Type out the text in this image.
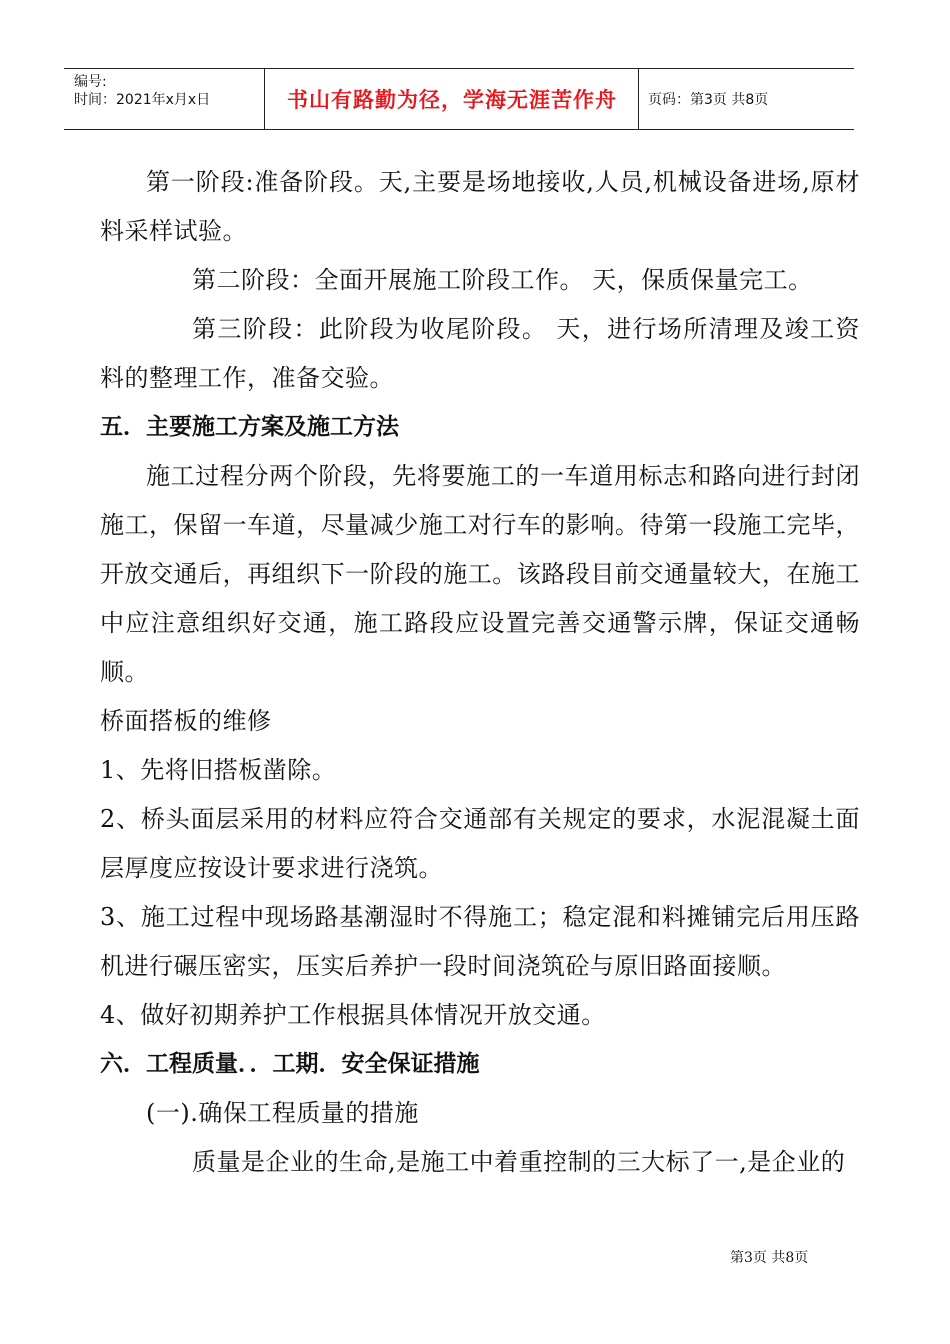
编号:
时间：2021年x月x日	书山有路勤为径，学海无涯苦作舟	页码：第3页 共8页

第一阶段:准备阶段。天,主要是场地接收,人员,机械设备进场,原材料采样试验。

第二阶段：全面开展施工阶段工作。 天，保质保量完工。

第三阶段：此阶段为收尾阶段。 天，进行场所清理及竣工资料的整理工作，准备交验。

五．主要施工方案及施工方法

施工过程分两个阶段，先将要施工的一车道用标志和路向进行封闭施工，保留一车道，尽量减少施工对行车的影响。待第一段施工完毕，开放交通后，再组织下一阶段的施工。该路段目前交通量较大，在施工中应注意组织好交通，施工路段应设置完善交通警示牌，保证交通畅顺。

桥面搭板的维修

1、先将旧搭板凿除。

2、桥头面层采用的材料应符合交通部有关规定的要求，水泥混凝土面层厚度应按设计要求进行浇筑。

3、施工过程中现场路基潮湿时不得施工；稳定混和料摊铺完后用压路机进行碾压密实，压实后养护一段时间浇筑砼与原旧路面接顺。

4、做好初期养护工作根据具体情况开放交通。

六．工程质量．．工期．安全保证措施

(一).确保工程质量的措施

质量是企业的生命,是施工中着重控制的三大标了一,是企业的

第3页 共8页
